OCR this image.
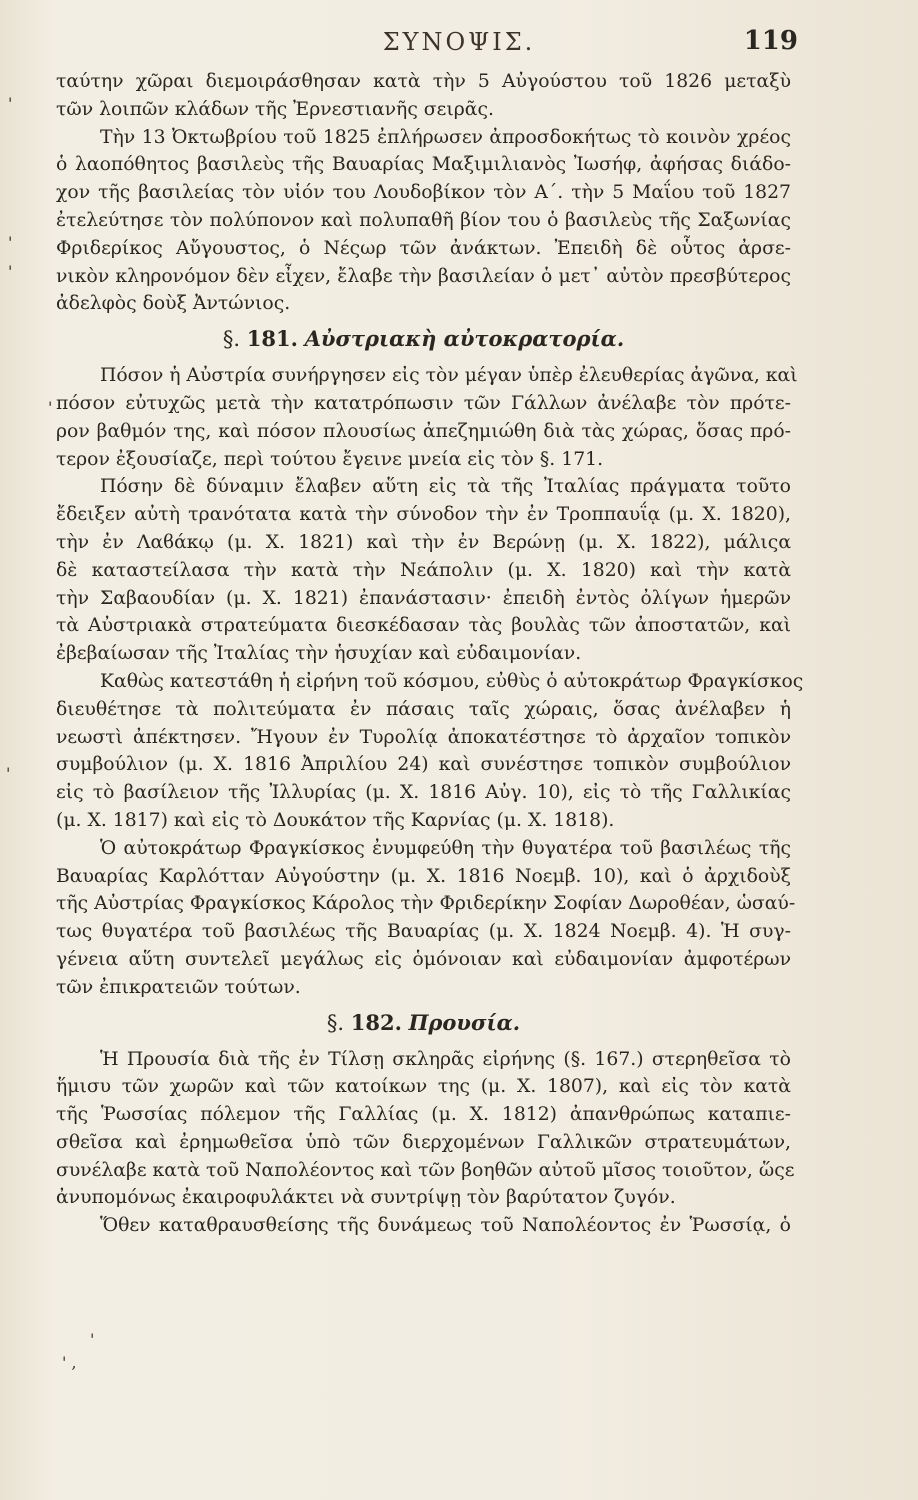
ΣΥΝΟΨΙΣ.	119
'
'
'
'
'
'
' ,
ταύτην χῶραι διεμοιράσθησαν κατὰ τὴν 5 Αὐγούστου τοῦ 1826 μεταξὺ
τῶν λοιπῶν κλάδων τῆς Ἐρνεστιανῆς σειρᾶς.
Τὴν 13 Ὀκτωβρίου τοῦ 1825 ἐπλήρωσεν ἀπροσδοκήτως τὸ κοινὸν χρέος
ὁ λαοπόθητος βασιλεὺς τῆς Βαυαρίας Μαξιμιλιανὸς Ἰωσήφ, ἀφήσας διάδο-
χον τῆς βασιλείας τὸν υἱόν του Λουδοβίκον τὸν Α΄. τὴν 5 Μαΐου τοῦ 1827
ἐτελεύτησε τὸν πολύπονον καὶ πολυπαθῆ βίον του ὁ βασιλεὺς τῆς Σαξωνίας
Φριδερίκος Αὔγουστος, ὁ Νέςωρ τῶν ἀνάκτων. Ἐπειδὴ δὲ οὗτος ἀρσε-
νικὸν κληρονόμον δὲν εἶχεν, ἔλαβε τὴν βασιλείαν ὁ μετ᾽ αὐτὸν πρεσβύτερος
ἀδελφὸς δοὺξ Ἀντώνιος.
§. 181. Αὐστριακὴ αὐτοκρατορία.
Πόσον ἡ Αὐστρία συνήργησεν εἰς τὸν μέγαν ὑπὲρ ἐλευθερίας ἀγῶνα, καὶ
πόσον εὐτυχῶς μετὰ τὴν κατατρόπωσιν τῶν Γάλλων ἀνέλαβε τὸν πρότε-
ρον βαθμόν της, καὶ πόσον πλουσίως ἀπεζημιώθη διὰ τὰς χώρας, ὅσας πρό-
τερον ἐξουσίαζε, περὶ τούτου ἔγεινε μνεία εἰς τὸν §. 171.
Πόσην δὲ δύναμιν ἔλαβεν αὕτη εἰς τὰ τῆς Ἰταλίας πράγματα τοῦτο
ἔδειξεν αὐτὴ τρανότατα κατὰ τὴν σύνοδον τὴν ἐν Τροππαυΐᾳ (μ. Χ. 1820),
τὴν ἐν Λαϐάκῳ (μ. Χ. 1821) καὶ τὴν ἐν Βερώνῃ (μ. Χ. 1822), μάλιςα
δὲ καταστείλασα τὴν κατὰ τὴν Νεάπολιν (μ. Χ. 1820) καὶ τὴν κατὰ
τὴν Σαβαουδίαν (μ. Χ. 1821) ἐπανάστασιν· ἐπειδὴ ἐντὸς ὀλίγων ἡμερῶν
τὰ Αὐστριακὰ στρατεύματα διεσκέδασαν τὰς βουλὰς τῶν ἀποστατῶν, καὶ
ἐβεβαίωσαν τῆς Ἰταλίας τὴν ἡσυχίαν καὶ εὐδαιμονίαν.
Καθὼς κατεστάθη ἡ εἰρήνη τοῦ κόσμου, εὐθὺς ὁ αὐτοκράτωρ Φραγκίσκος
διευθέτησε τὰ πολιτεύματα ἐν πάσαις ταῖς χώραις, ὅσας ἀνέλαβεν ἡ
νεωστὶ ἀπέκτησεν. Ἤγουν ἐν Τυρολίᾳ ἀποκατέστησε τὸ ἀρχαῖον τοπικὸν
συμβούλιον (μ. Χ. 1816 Ἀπριλίου 24) καὶ συνέστησε τοπικὸν συμβούλιον
εἰς τὸ βασίλειον τῆς Ἰλλυρίας (μ. Χ. 1816 Αὐγ. 10), εἰς τὸ τῆς Γαλλικίας
(μ. Χ. 1817) καὶ εἰς τὸ Δουκάτον τῆς Καρνίας (μ. Χ. 1818).
Ὁ αὐτοκράτωρ Φραγκίσκος ἐνυμφεύθη τὴν θυγατέρα τοῦ βασιλέως τῆς
Βαυαρίας Καρλότταν Αὐγούστην (μ. Χ. 1816 Νοεμβ. 10), καὶ ὁ ἀρχιδοὺξ
τῆς Αὐστρίας Φραγκίσκος Κάρολος τὴν Φριδερίκην Σοφίαν Δωροθέαν, ὡσαύ-
τως θυγατέρα τοῦ βασιλέως τῆς Βαυαρίας (μ. Χ. 1824 Νοεμβ. 4). Ἡ συγ-
γένεια αὕτη συντελεῖ μεγάλως εἰς ὁμόνοιαν καὶ εὐδαιμονίαν ἀμφοτέρων
τῶν ἐπικρατειῶν τούτων.
§. 182. Προυσία.
Ἡ Προυσία διὰ τῆς ἐν Τίλσῃ σκληρᾶς εἰρήνης (§. 167.) στερηθεῖσα τὸ
ἥμισυ τῶν χωρῶν καὶ τῶν κατοίκων της (μ. Χ. 1807), καὶ εἰς τὸν κατὰ
τῆς Ῥωσσίας πόλεμον τῆς Γαλλίας (μ. Χ. 1812) ἀπανθρώπως καταπιε-
σθεῖσα καὶ ἐρημωθεῖσα ὑπὸ τῶν διερχομένων Γαλλικῶν στρατευμάτων,
συνέλαβε κατὰ τοῦ Ναπολέοντος καὶ τῶν βοηθῶν αὐτοῦ μῖσος τοιοῦτον, ὥςε
ἀνυπομόνως ἐκαιροφυλάκτει νὰ συντρίψῃ τὸν βαρύτατον ζυγόν.
Ὅθεν καταθραυσθείσης τῆς δυνάμεως τοῦ Ναπολέοντος ἐν Ῥωσσίᾳ, ὁ
